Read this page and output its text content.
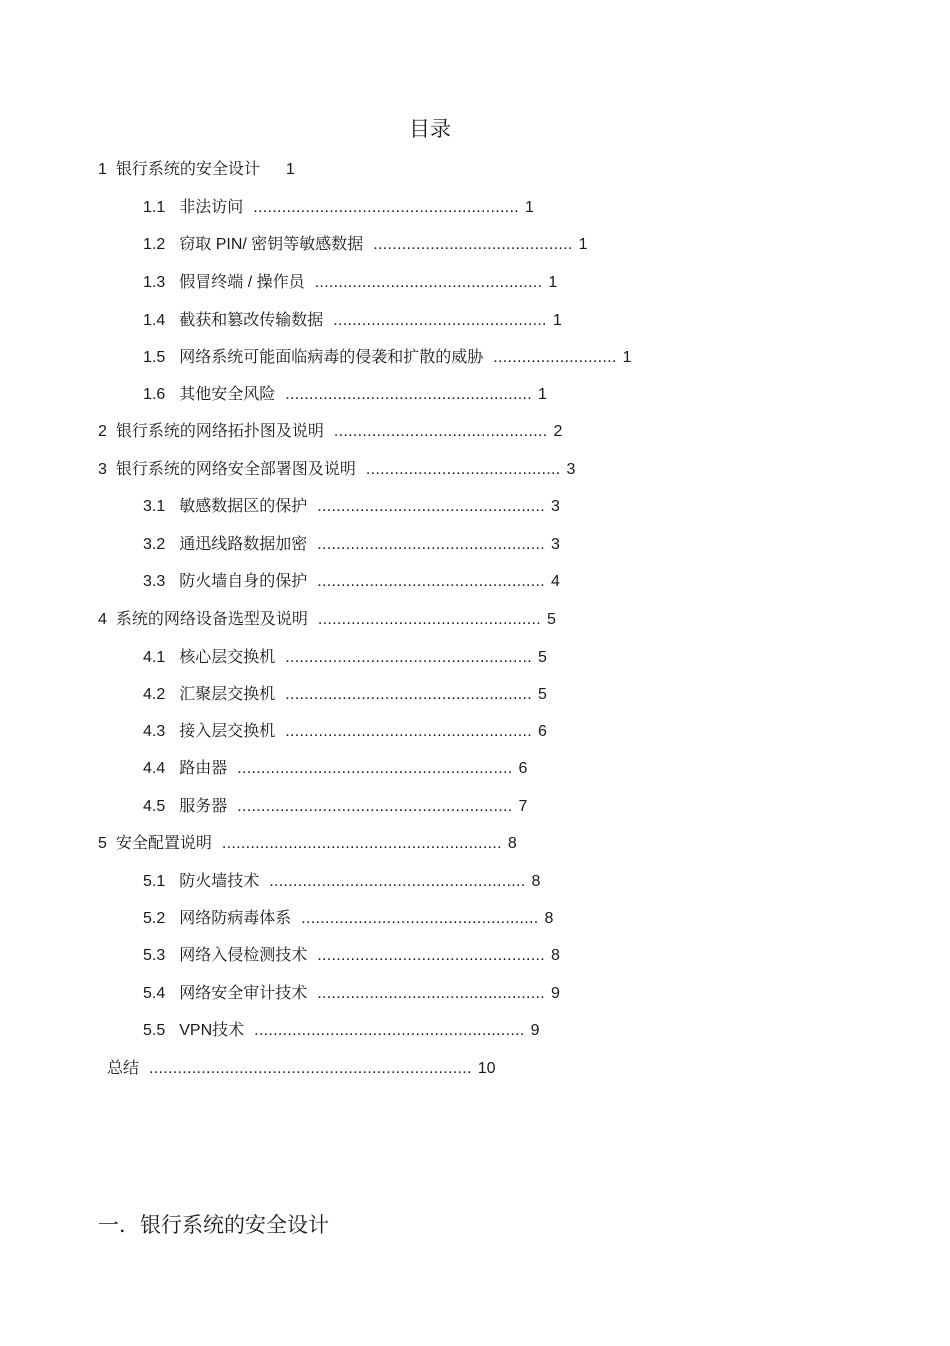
目录
1 银行系统的安全设计 1
1.1 非法访问 ........................................................ 1
1.2 窃取 PIN/ 密钥等敏感数据 .......................................... 1
1.3 假冒终端 / 操作员 ................................................ 1
1.4 截获和篡改传输数据 ............................................. 1
1.5 网络系统可能面临病毒的侵袭和扩散的威胁 .......................... 1
1.6 其他安全风险 .................................................... 1
2 银行系统的网络拓扑图及说明 ............................................. 2
3 银行系统的网络安全部署图及说明 ......................................... 3
3.1 敏感数据区的保护 ................................................ 3
3.2 通迅线路数据加密 ................................................ 3
3.3 防火墙自身的保护 ................................................ 4
4 系统的网络设备选型及说明 ............................................... 5
4.1 核心层交换机 .................................................... 5
4.2 汇聚层交换机 .................................................... 5
4.3 接入层交换机 .................................................... 6
4.4 路由器 .......................................................... 6
4.5 服务器 .......................................................... 7
5 安全配置说明 ........................................................... 8
5.1 防火墙技术 ...................................................... 8
5.2 网络防病毒体系 .................................................. 8
5.3 网络入侵检测技术 ................................................ 8
5.4 网络安全审计技术 ................................................ 9
5.5 VPN技术 ......................................................... 9
总结 .................................................................... 10
一．银行系统的安全设计
